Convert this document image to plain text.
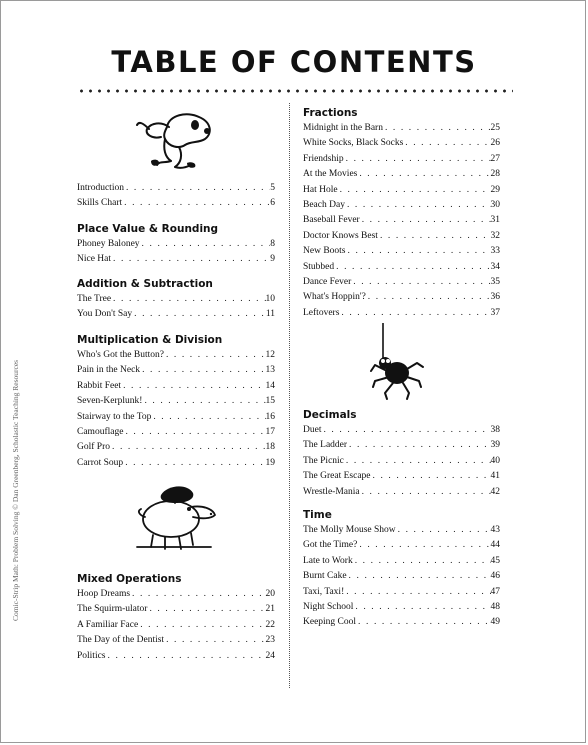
TABLE OF CONTENTS
Comic-Strip Math: Problem Solving © Dan Greenberg, Scholastic Teaching Resources
Introduction . . .	5
Skills Chart . . .	6
Place Value & Rounding
Phoney Baloney . . .	8
Nice Hat . . .	9
Addition & Subtraction
The Tree . . .	10
You Don't Say . . .	11
Multiplication & Division
Who's Got the Button? . . .	12
Pain in the Neck . . .	13
Rabbit Feet . . .	14
Seven-Kerplunk! . . .	15
Stairway to the Top . . .	16
Camouflage . . .	17
Golf Pro . . .	18
Carrot Soup . . .	19
Mixed Operations
Hoop Dreams . . .	20
The Squirm-ulator . . .	21
A Familiar Face . . .	22
The Day of the Dentist . . .	23
Politics . . .	24
Fractions
Midnight in the Barn . . .	25
White Socks, Black Socks . . .	26
Friendship . . .	27
At the Movies . . .	28
Hat Hole . . .	29
Beach Day . . .	30
Baseball Fever . . .	31
Doctor Knows Best . . .	32
New Boots . . .	33
Stubbed . . .	34
Dance Fever . . .	35
What's Hoppin'? . . .	36
Leftovers . . .	37
Decimals
Duet . . .	38
The Ladder . . .	39
The Picnic . . .	40
The Great Escape . . .	41
Wrestle-Mania . . .	42
Time
The Molly Mouse Show . . .	43
Got the Time? . . .	44
Late to Work . . .	45
Burnt Cake . . .	46
Taxi, Taxi! . . .	47
Night School . . .	48
Keeping Cool . . .	49
